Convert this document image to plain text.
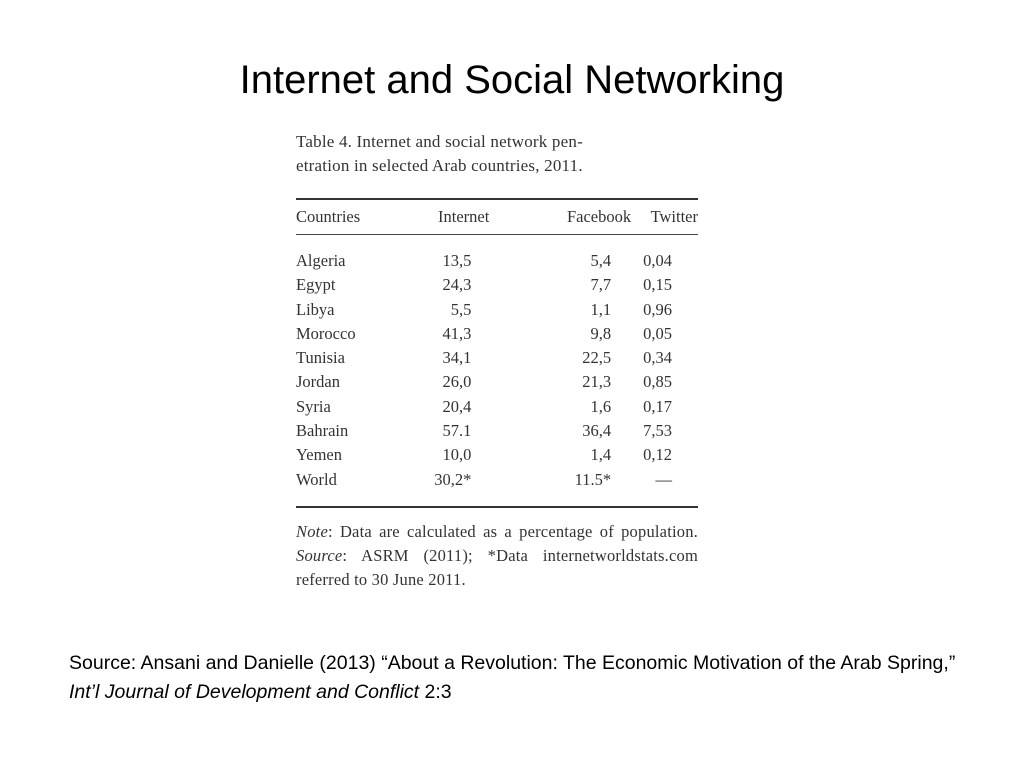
Internet and Social Networking
Table 4. Internet and social network pen-
etration in selected Arab countries, 2011.
Countries	Internet	Facebook	Twitter

Algeria	13,5	5,4	0,04
Egypt	24,3	7,7	0,15
Libya	5,5	1,1	0,96
Morocco	41,3	9,8	0,05
Tunisia	34,1	22,5	0,34
Jordan	26,0	21,3	0,85
Syria	20,4	1,6	0,17
Bahrain	57.1	36,4	7,53
Yemen	10,0	1,4	0,12
World	30,2*	11.5*	—
Note: Data are calculated as a percentage of population. Source: ASRM (2011); *Data internetworldstats.com referred to 30 June 2011.
Source: Ansani and Danielle (2013) “About a Revolution: The Economic Motivation of the Arab Spring,” Int’l Journal of Development and Conflict 2:3
